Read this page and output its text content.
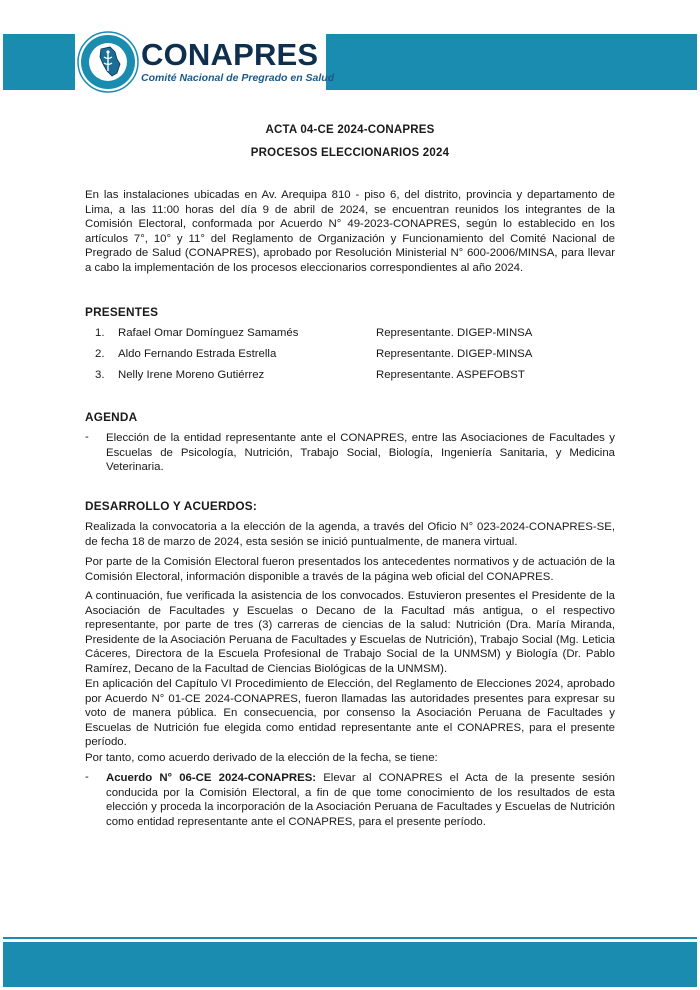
CONAPRES
Comité Nacional de Pregrado en Salud
ACTA 04-CE 2024-CONAPRES
PROCESOS ELECCIONARIOS 2024
En las instalaciones ubicadas en Av. Arequipa 810 - piso 6, del distrito, provincia y departamento de Lima, a las 11:00 horas del día 9 de abril de 2024, se encuentran reunidos los integrantes de la Comisión Electoral, conformada por Acuerdo N° 49-2023-CONAPRES, según lo establecido en los artículos 7°, 10° y 11° del Reglamento de Organización y Funcionamiento del Comité Nacional de Pregrado de Salud (CONAPRES), aprobado por Resolución Ministerial N° 600-2006/MINSA, para llevar a cabo la implementación de los procesos eleccionarios correspondientes al año 2024.
PRESENTES
1. Rafael Omar Domínguez Samamés	Representante. DIGEP-MINSA
2. Aldo Fernando Estrada Estrella	Representante. DIGEP-MINSA
3. Nelly Irene Moreno Gutiérrez	Representante. ASPEFOBST
AGENDA
- Elección de la entidad representante ante el CONAPRES, entre las Asociaciones de Facultades y Escuelas de Psicología, Nutrición, Trabajo Social, Biología, Ingeniería Sanitaria, y Medicina Veterinaria.
DESARROLLO Y ACUERDOS:
Realizada la convocatoria a la elección de la agenda, a través del Oficio N° 023-2024-CONAPRES-SE, de fecha 18 de marzo de 2024, esta sesión se inició puntualmente, de manera virtual.
Por parte de la Comisión Electoral fueron presentados los antecedentes normativos y de actuación de la Comisión Electoral, información disponible a través de la página web oficial del CONAPRES.
A continuación, fue verificada la asistencia de los convocados. Estuvieron presentes el Presidente de la Asociación de Facultades y Escuelas o Decano de la Facultad más antigua, o el respectivo representante, por parte de tres (3) carreras de ciencias de la salud: Nutrición (Dra. María Miranda, Presidente de la Asociación Peruana de Facultades y Escuelas de Nutrición), Trabajo Social (Mg. Leticia Cáceres, Directora de la Escuela Profesional de Trabajo Social de la UNMSM) y Biología (Dr. Pablo Ramírez, Decano de la Facultad de Ciencias Biológicas de la UNMSM).
En aplicación del Capítulo VI Procedimiento de Elección, del Reglamento de Elecciones 2024, aprobado por Acuerdo N° 01-CE 2024-CONAPRES, fueron llamadas las autoridades presentes para expresar su voto de manera pública. En consecuencia, por consenso la Asociación Peruana de Facultades y Escuelas de Nutrición fue elegida como entidad representante ante el CONAPRES, para el presente período.
Por tanto, como acuerdo derivado de la elección de la fecha, se tiene:
- Acuerdo N° 06-CE 2024-CONAPRES: Elevar al CONAPRES el Acta de la presente sesión conducida por la Comisión Electoral, a fin de que tome conocimiento de los resultados de esta elección y proceda la incorporación de la Asociación Peruana de Facultades y Escuelas de Nutrición como entidad representante ante el CONAPRES, para el presente período.
